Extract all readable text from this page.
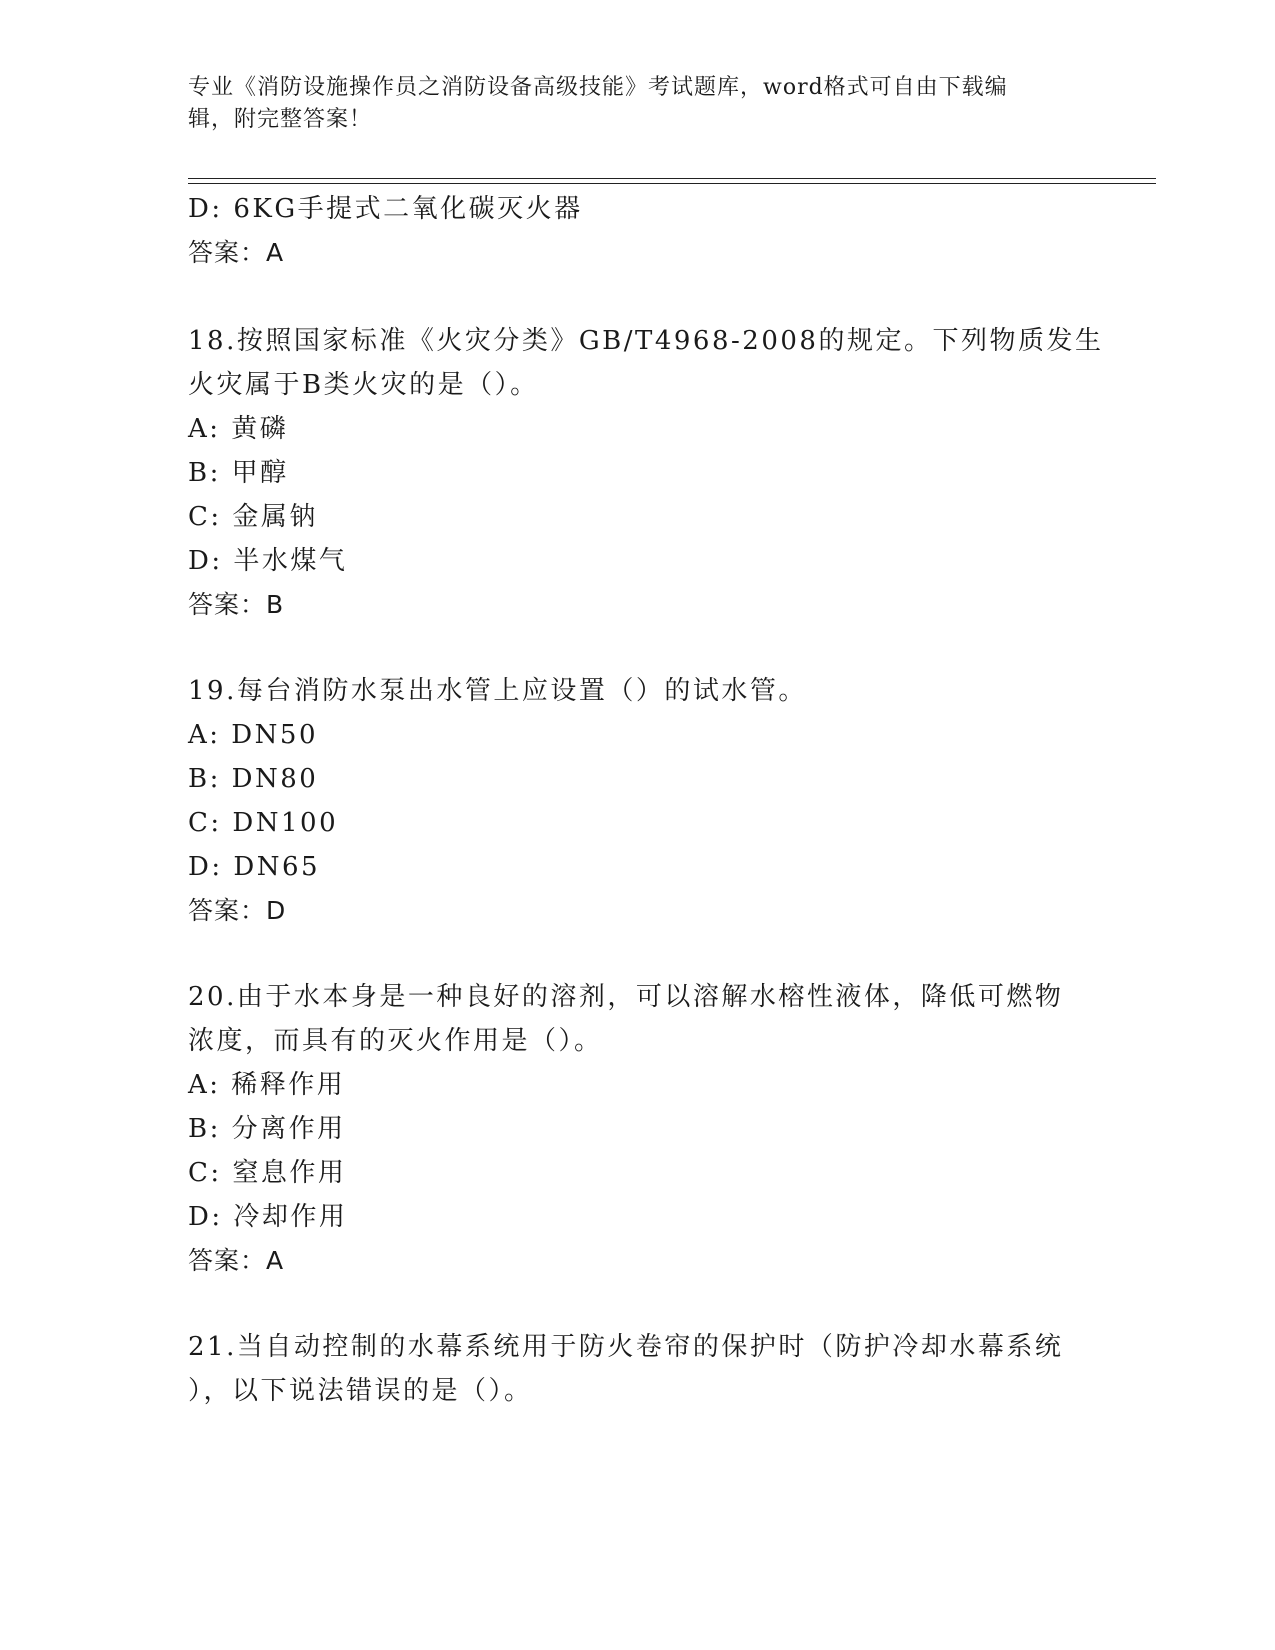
专业《消防设施操作员之消防设备高级技能》考试题库，word格式可自由下载编
辑，附完整答案！
D: 6KG手提式二氧化碳灭火器
答案：A
18.按照国家标准《火灾分类》GB/T4968-2008的规定。下列物质发生
火灾属于B类火灾的是（）。
A: 黄磷
B: 甲醇
C: 金属钠
D: 半水煤气
答案：B
19.每台消防水泵出水管上应设置（）的试水管。
A: DN50
B: DN80
C: DN100
D: DN65
答案：D
20.由于水本身是一种良好的溶剂，可以溶解水榕性液体，降低可燃物
浓度，而具有的灭火作用是（）。
A: 稀释作用
B: 分离作用
C: 窒息作用
D: 冷却作用
答案：A
21.当自动控制的水幕系统用于防火卷帘的保护时（防护冷却水幕系统
），以下说法错误的是（）。
